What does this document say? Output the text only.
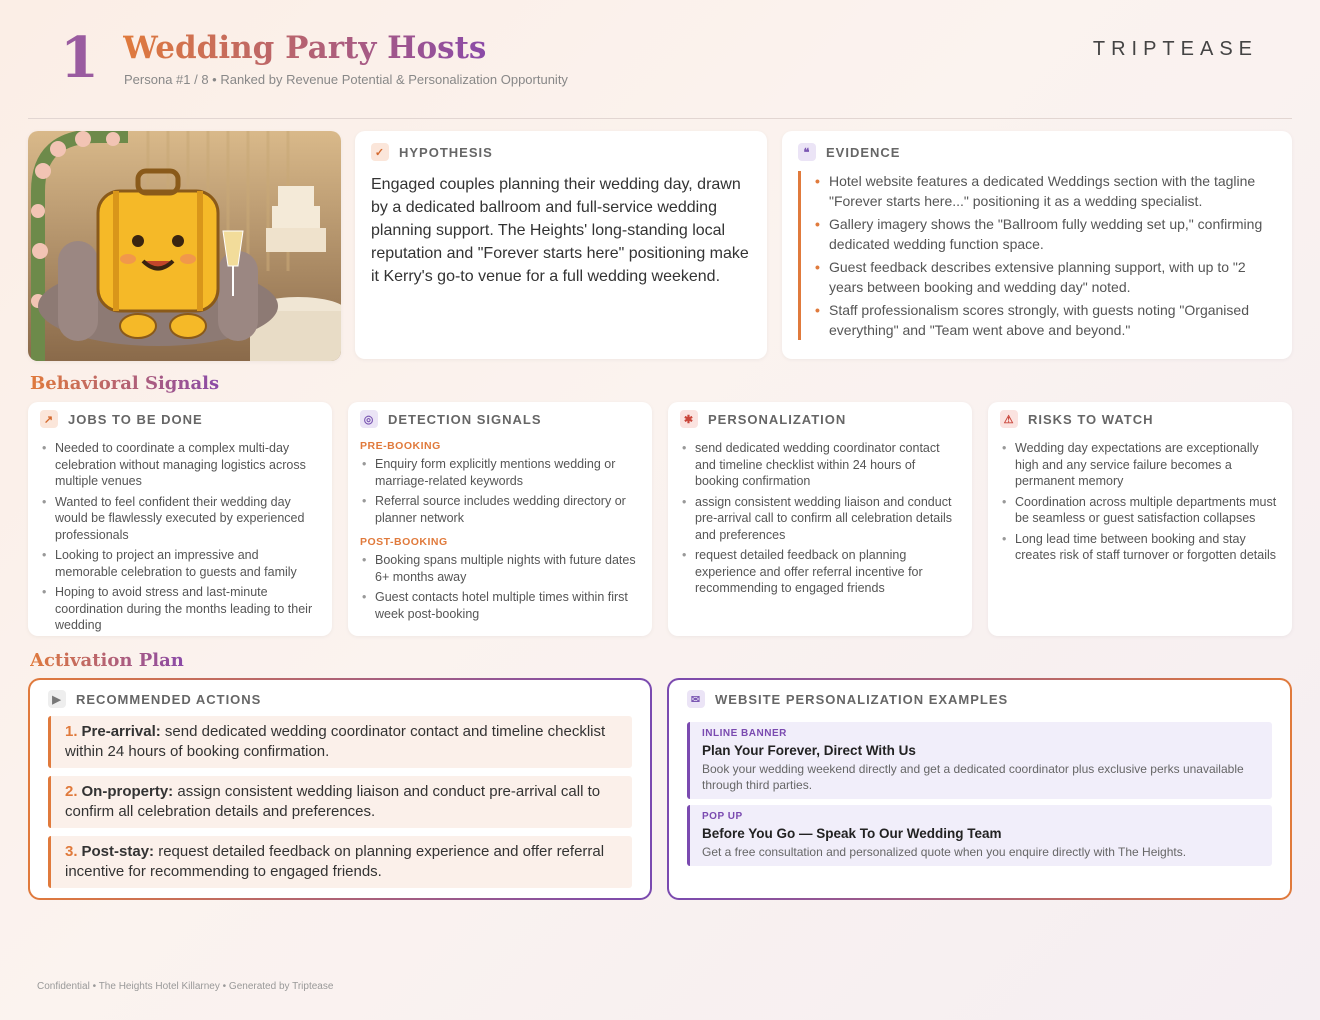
1 Wedding Party Hosts
Persona #1 / 8 • Ranked by Revenue Potential & Personalization Opportunity
TRIPTEASE
✓ HYPOTHESIS
Engaged couples planning their wedding day, drawn by a dedicated ballroom and full-service wedding planning support. The Heights' long-standing local reputation and "Forever starts here" positioning make it Kerry's go-to venue for a full wedding weekend.
❝	EVIDENCE
• Hotel website features a dedicated Weddings section with the tagline "Forever starts here..." positioning it as a wedding specialist.
• Gallery imagery shows the "Ballroom fully wedding set up," confirming dedicated wedding function space.
• Guest feedback describes extensive planning support, with up to "2 years between booking and wedding day" noted.
• Staff professionalism scores strongly, with guests noting "Organised everything" and "Team went above and beyond."
Behavioral Signals
↗ JOBS TO BE DONE
• Needed to coordinate a complex multi-day celebration without managing logistics across multiple venues
• Wanted to feel confident their wedding day would be flawlessly executed by experienced professionals
• Looking to project an impressive and memorable celebration to guests and family
• Hoping to avoid stress and last-minute coordination during the months leading to their wedding
◎ DETECTION SIGNALS
PRE-BOOKING
• Enquiry form explicitly mentions wedding or marriage-related keywords
• Referral source includes wedding directory or planner network
POST-BOOKING
• Booking spans multiple nights with future dates 6+ months away
• Guest contacts hotel multiple times within first week post-booking
✱ PERSONALIZATION
• send dedicated wedding coordinator contact and timeline checklist within 24 hours of booking confirmation
• assign consistent wedding liaison and conduct pre-arrival call to confirm all celebration details and preferences
• request detailed feedback on planning experience and offer referral incentive for recommending to engaged friends
⚠ RISKS TO WATCH
• Wedding day expectations are exceptionally high and any service failure becomes a permanent memory
• Coordination across multiple departments must be seamless or guest satisfaction collapses
• Long lead time between booking and stay creates risk of staff turnover or forgotten details
Activation Plan
▶	RECOMMENDED ACTIONS
1. Pre-arrival: send dedicated wedding coordinator contact and timeline checklist within 24 hours of booking confirmation.
2. On-property: assign consistent wedding liaison and conduct pre-arrival call to confirm all celebration details and preferences.
3. Post-stay: request detailed feedback on planning experience and offer referral incentive for recommending to engaged friends.
✉ WEBSITE PERSONALIZATION EXAMPLES
INLINE BANNER
Plan Your Forever, Direct With Us
Book your wedding weekend directly and get a dedicated coordinator plus exclusive perks unavailable through third parties.
POP UP
Before You Go — Speak To Our Wedding Team
Get a free consultation and personalized quote when you enquire directly with The Heights.
Confidential • The Heights Hotel Killarney • Generated by Triptease
